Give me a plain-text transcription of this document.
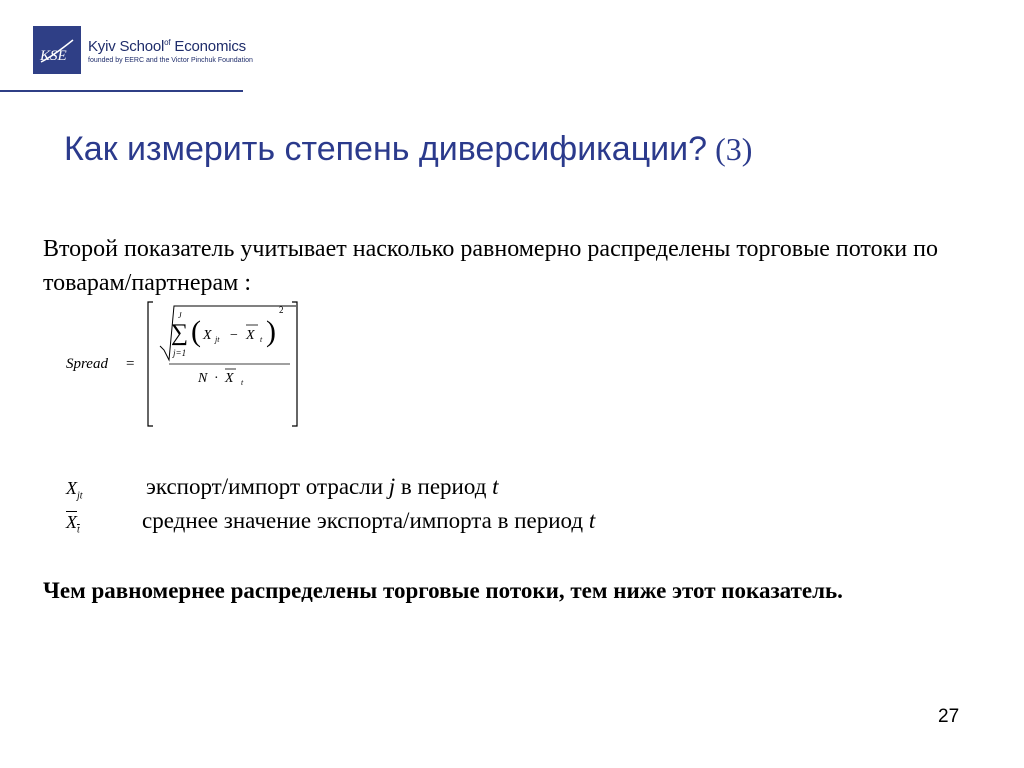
KSE
Kyiv School$^{of}$ Economics
founded by EERC and the Victor Pinchuk Foundation
Как измерить степень диверсификации? (3)
Второй показатель учитывает насколько равномерно распределены торговые потоки по товарам/партнерам :
Spread =
J
∑
j=1
( X jt − X t )
2
N · X t
$X_{jt}$	экспорт/импорт отрасли j в период t
$X_t$	среднее значение экспорта/импорта в период t
Чем равномернее распределены торговые потоки, тем ниже этот показатель.
27
